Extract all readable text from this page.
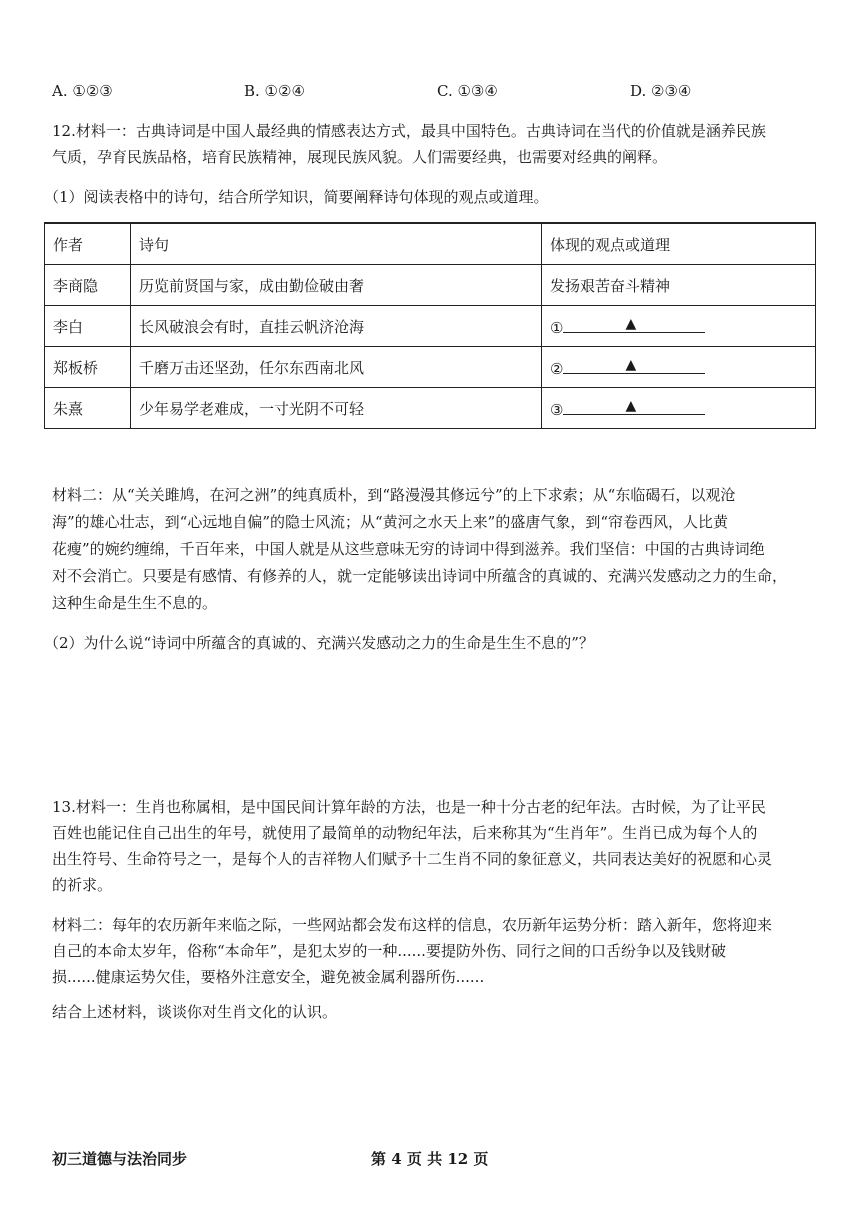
A. ①②③	B. ①②④	C. ①③④	D. ②③④
12.材料一：古典诗词是中国人最经典的情感表达方式，最具中国特色。古典诗词在当代的价值就是涵养民族
气质，孕育民族品格，培育民族精神，展现民族风貌。人们需要经典，也需要对经典的阐释。
（1）阅读表格中的诗句，结合所学知识，简要阐释诗句体现的观点或道理。
作者	诗句	体现的观点或道理
李商隐	历览前贤国与家，成由勤俭破由奢	发扬艰苦奋斗精神
李白	长风破浪会有时，直挂云帆济沧海	① ▲

郑板桥	千磨万击还坚劲，任尔东西南北风	② ▲

朱熹	少年易学老难成，一寸光阴不可轻	③ ▲
材料二：从“关关雎鸠，在河之洲”的纯真质朴，到“路漫漫其修远兮”的上下求索；从“东临碣石，以观沧
海”的雄心壮志，到“心远地自偏”的隐士风流；从“黄河之水天上来”的盛唐气象，到“帘卷西风，人比黄
花瘦”的婉约缠绵，千百年来，中国人就是从这些意味无穷的诗词中得到滋养。我们坚信：中国的古典诗词绝
对不会消亡。只要是有感情、有修养的人，就一定能够读出诗词中所蕴含的真诚的、充满兴发感动之力的生命，
这种生命是生生不息的。
（2）为什么说“诗词中所蕴含的真诚的、充满兴发感动之力的生命是生生不息的”？
13.材料一：生肖也称属相，是中国民间计算年龄的方法，也是一种十分古老的纪年法。古时候，为了让平民
百姓也能记住自己出生的年号，就使用了最简单的动物纪年法，后来称其为“生肖年”。生肖已成为每个人的
出生符号、生命符号之一，是每个人的吉祥物人们赋予十二生肖不同的象征意义，共同表达美好的祝愿和心灵
的祈求。
材料二：每年的农历新年来临之际，一些网站都会发布这样的信息，农历新年运势分析：踏入新年，您将迎来
自己的本命太岁年，俗称“本命年”，是犯太岁的一种......要提防外伤、同行之间的口舌纷争以及钱财破
损......健康运势欠佳，要格外注意安全，避免被金属利器所伤......
结合上述材料，谈谈你对生肖文化的认识。
初三道德与法治同步	第 4 页 共 12 页
